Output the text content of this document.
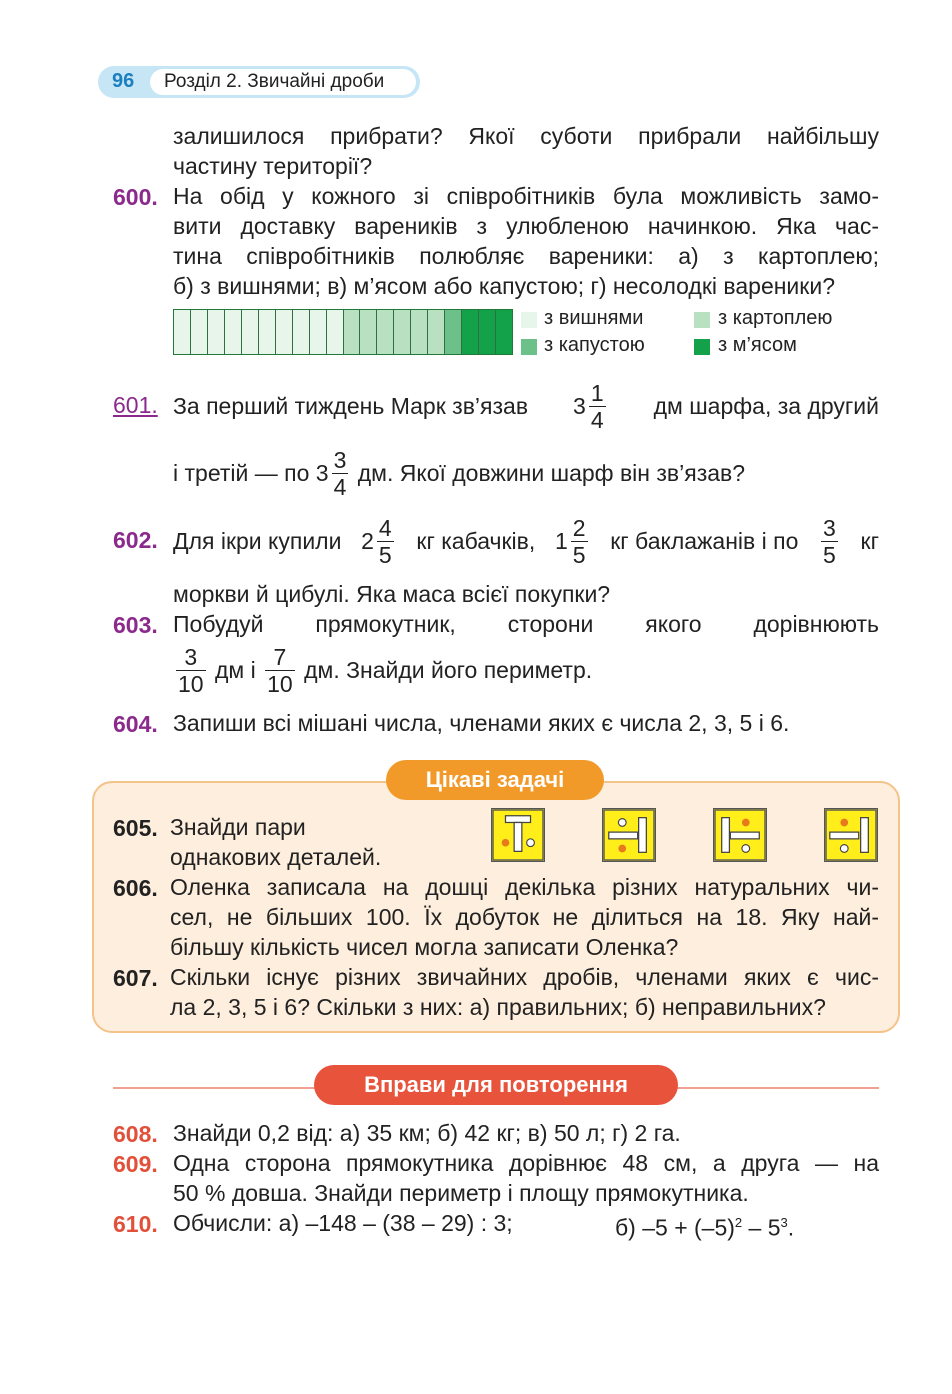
96 Розділ 2. Звичайні дроби
залишилося прибрати? Якої суботи прибрали найбільшу
частину території?
600. На обід у кожного зі співробітників була можливість замо-
вити доставку вареників з улюбленою начинкою. Яка час-
тина співробітників полюбляє вареники: а) з картоплею;
б) з вишнями; в) м’ясом або капустою; г) несолодкі вареники?
з вишнями	з картоплею
з капустою	з м’ясом
601. За перший тиждень Марк зв’язав $3 \frac{1}{4}$ дм шарфа, за другий
і третій — по
$3 \frac{3}{4}$
дм. Якої довжини шарф він зв’язав?
602. Для ікри купили $2 \frac{4}{5}$ кг кабачків, $1 \frac{2}{5}$ кг баклажанів і по $\frac{3}{5}$ кг
моркви й цибулі. Яка маса всієї покупки?
603. Побудуй прямокутник, сторони якого дорівнюють
$\frac{3}{10}$
дм і
$\frac{7}{10}$
дм. Знайди його периметр.
604. Запиши всі мішані числа, членами яких є числа 2, 3, 5 і 6.
Цікаві задачі
605. Знайди пари
однакових деталей.
606. Оленка записала на дошці декілька різних натуральних чи-
сел, не більших 100. Їх добуток не ділиться на 18. Яку най-
більшу кількість чисел могла записати Оленка?
607. Скільки існує різних звичайних дробів, членами яких є чис-
ла 2, 3, 5 і 6? Скільки з них: а) правильних; б) неправильних?
Вправи для повторення
608. Знайди 0,2 від: а) 35 км; б) 42 кг; в) 50 л; г) 2 га.
609. Одна сторона прямокутника дорівнює 48 см, а друга — на
50 % довша. Знайди периметр і площу прямокутника.
610. Обчисли: а) –148 – (38 – 29) : 3;	б) $-5 + (-5)^2 - 5^3$.
